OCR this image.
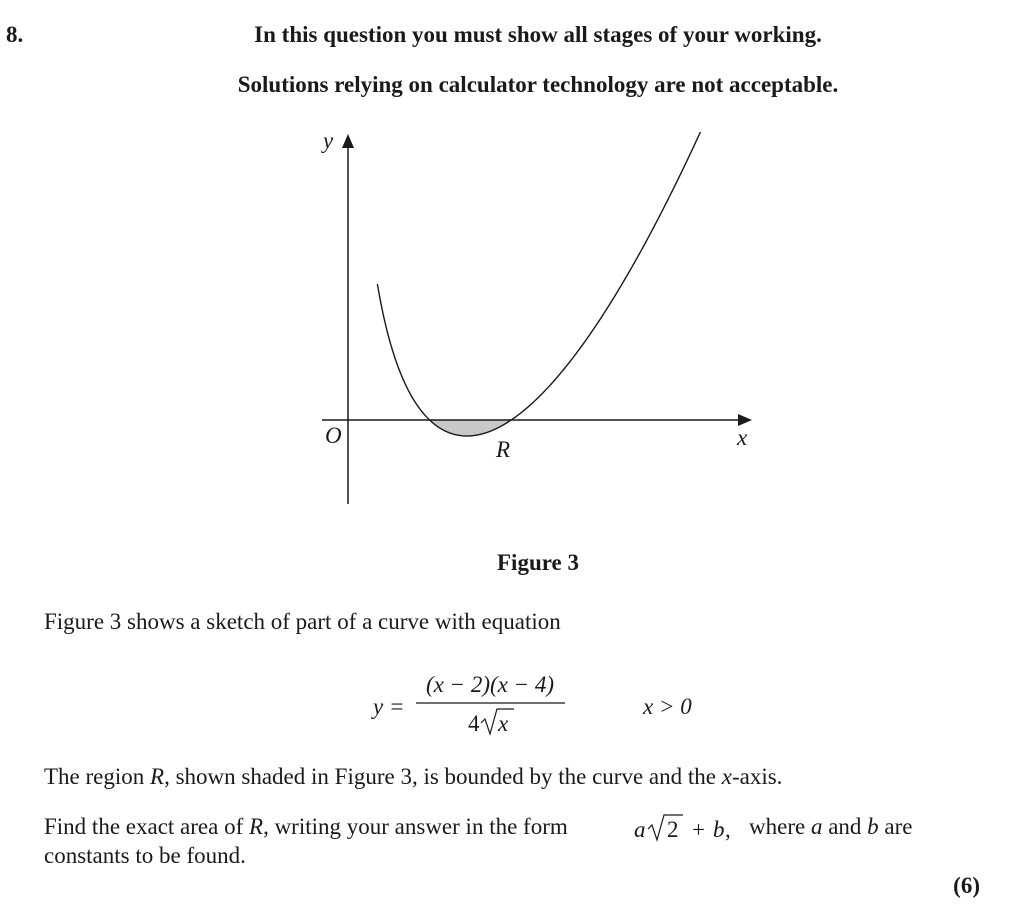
8.	In this question you must show all stages of your working.
Solutions relying on calculator technology are not acceptable.
y
x
O
R
Figure 3
Figure 3 shows a sketch of part of a curve with equation
y =
(x − 2)(x − 4)
4 x
x > 0
The region R, shown shaded in Figure 3, is bounded by the curve and the x-axis.
Find the exact area of R, writing your answer in the form	a 2 + b , where a and b are
constants to be found.
(6)
